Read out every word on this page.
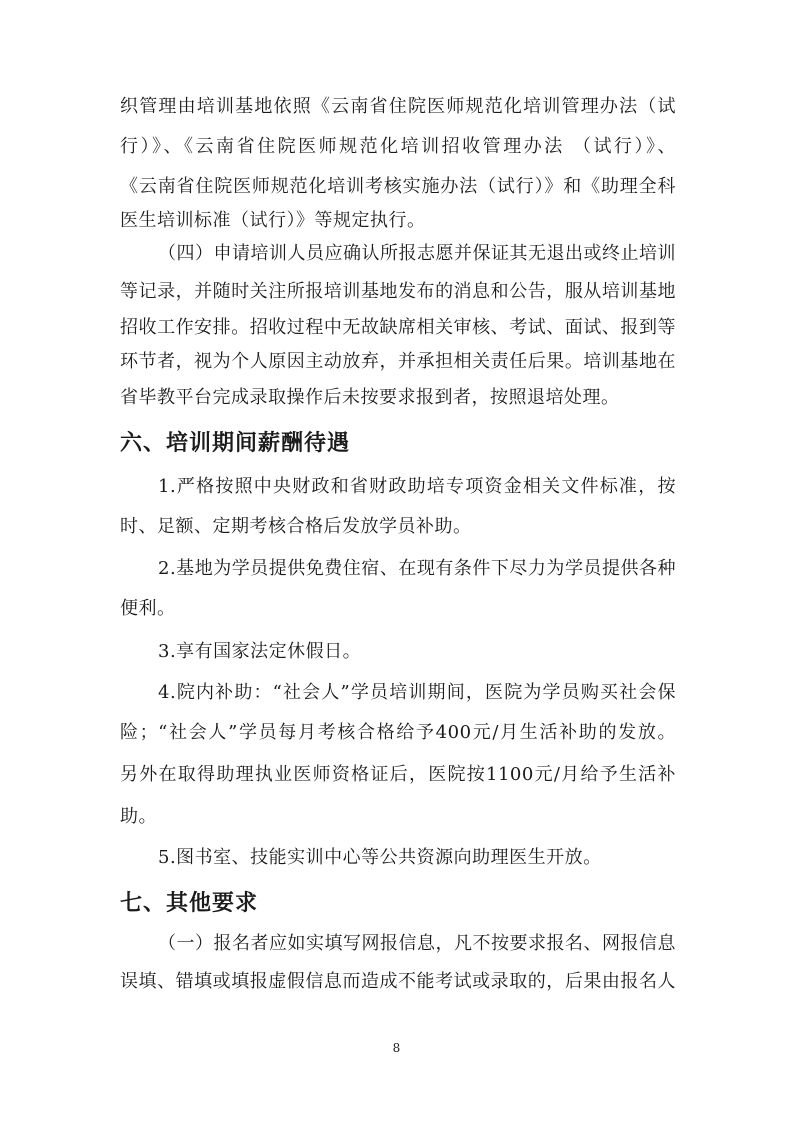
织管理由培训基地依照《云南省住院医师规范化培训管理办法（试
行）》、《云南省住院医师规范化培训招收管理办法 （试行）》、
《云南省住院医师规范化培训考核实施办法（试行）》和《助理全科
医生培训标准（试行）》等规定执行。
（四）申请培训人员应确认所报志愿并保证其无退出或终止培训
等记录，并随时关注所报培训基地发布的消息和公告，服从培训基地
招收工作安排。招收过程中无故缺席相关审核、考试、面试、报到等
环节者，视为个人原因主动放弃，并承担相关责任后果。培训基地在
省毕教平台完成录取操作后未按要求报到者，按照退培处理。
六、培训期间薪酬待遇
1.严格按照中央财政和省财政助培专项资金相关文件标准，按
时、足额、定期考核合格后发放学员补助。
2.基地为学员提供免费住宿、在现有条件下尽力为学员提供各种
便利。
3.享有国家法定休假日。
4.院内补助：“社会人”学员培训期间，医院为学员购买社会保
险；“社会人”学员每月考核合格给予400元/月生活补助的发放。
另外在取得助理执业医师资格证后，医院按1100元/月给予生活补
助。
5.图书室、技能实训中心等公共资源向助理医生开放。
七、其他要求
（一）报名者应如实填写网报信息，凡不按要求报名、网报信息
误填、错填或填报虚假信息而造成不能考试或录取的，后果由报名人
8
